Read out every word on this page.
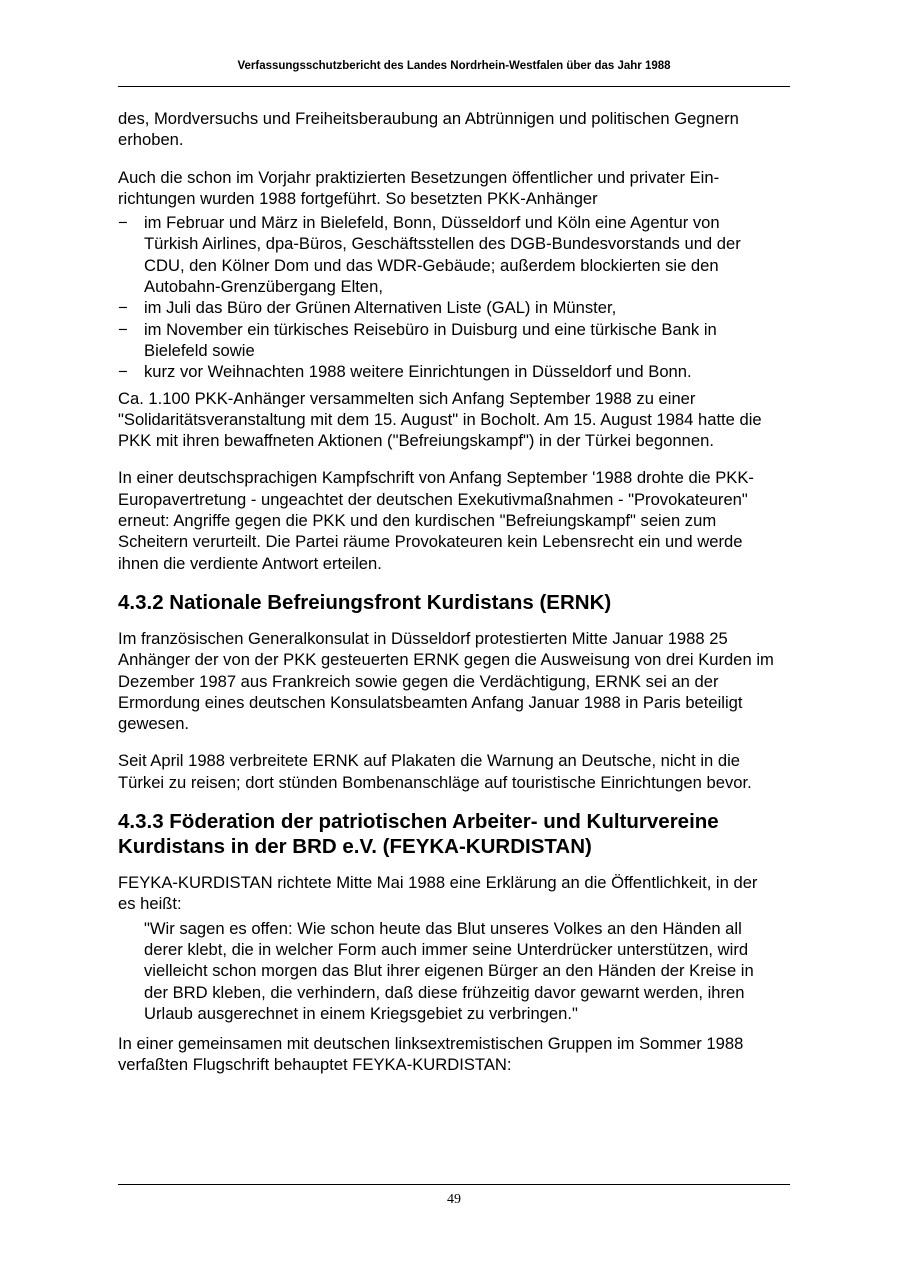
Verfassungsschutzbericht des Landes Nordrhein-Westfalen über das Jahr 1988

des, Mordversuchs und Freiheitsberaubung an Abtrünnigen und politischen Gegnern erhoben.

Auch die schon im Vorjahr praktizierten Besetzungen öffentlicher und privater Einrichtungen wurden 1988 fortgeführt. So besetzten PKK-Anhänger

− im Februar und März in Bielefeld, Bonn, Düsseldorf und Köln eine Agentur von Türkish Airlines, dpa-Büros, Geschäftsstellen des DGB-Bundesvorstands und der CDU, den Kölner Dom und das WDR-Gebäude; außerdem blockierten sie den Autobahn-Grenzübergang Elten,
− im Juli das Büro der Grünen Alternativen Liste (GAL) in Münster,
− im November ein türkisches Reisebüro in Duisburg und eine türkische Bank in Bielefeld sowie
− kurz vor Weihnachten 1988 weitere Einrichtungen in Düsseldorf und Bonn.

Ca. 1.100 PKK-Anhänger versammelten sich Anfang September 1988 zu einer "Solidaritätsveranstaltung mit dem 15. August" in Bocholt. Am 15. August 1984 hatte die PKK mit ihren bewaffneten Aktionen ("Befreiungskampf") in der Türkei begonnen.

In einer deutschsprachigen Kampfschrift von Anfang September '1988 drohte die PKK-Europavertretung - ungeachtet der deutschen Exekutivmaßnahmen - "Provokateuren" erneut: Angriffe gegen die PKK und den kurdischen "Befreiungskampf" seien zum Scheitern verurteilt. Die Partei räume Provokateuren kein Lebensrecht ein und werde ihnen die verdiente Antwort erteilen.

4.3.2 Nationale Befreiungsfront Kurdistans (ERNK)

Im französischen Generalkonsulat in Düsseldorf protestierten Mitte Januar 1988 25 Anhänger der von der PKK gesteuerten ERNK gegen die Ausweisung von drei Kurden im Dezember 1987 aus Frankreich sowie gegen die Verdächtigung, ERNK sei an der Ermordung eines deutschen Konsulatsbeamten Anfang Januar 1988 in Paris beteiligt gewesen.

Seit April 1988 verbreitete ERNK auf Plakaten die Warnung an Deutsche, nicht in die Türkei zu reisen; dort stünden Bombenanschläge auf touristische Einrichtungen bevor.

4.3.3 Föderation der patriotischen Arbeiter- und Kulturvereine Kurdistans in der BRD e.V. (FEYKA-KURDISTAN)

FEYKA-KURDISTAN richtete Mitte Mai 1988 eine Erklärung an die Öffentlichkeit, in der es heißt:

"Wir sagen es offen: Wie schon heute das Blut unseres Volkes an den Händen all derer klebt, die in welcher Form auch immer seine Unterdrücker unterstützen, wird vielleicht schon morgen das Blut ihrer eigenen Bürger an den Händen der Kreise in der BRD kleben, die verhindern, daß diese frühzeitig davor gewarnt werden, ihren Urlaub ausgerechnet in einem Kriegsgebiet zu verbringen."

In einer gemeinsamen mit deutschen linksextremistischen Gruppen im Sommer 1988 verfaßten Flugschrift behauptet FEYKA-KURDISTAN:

49
